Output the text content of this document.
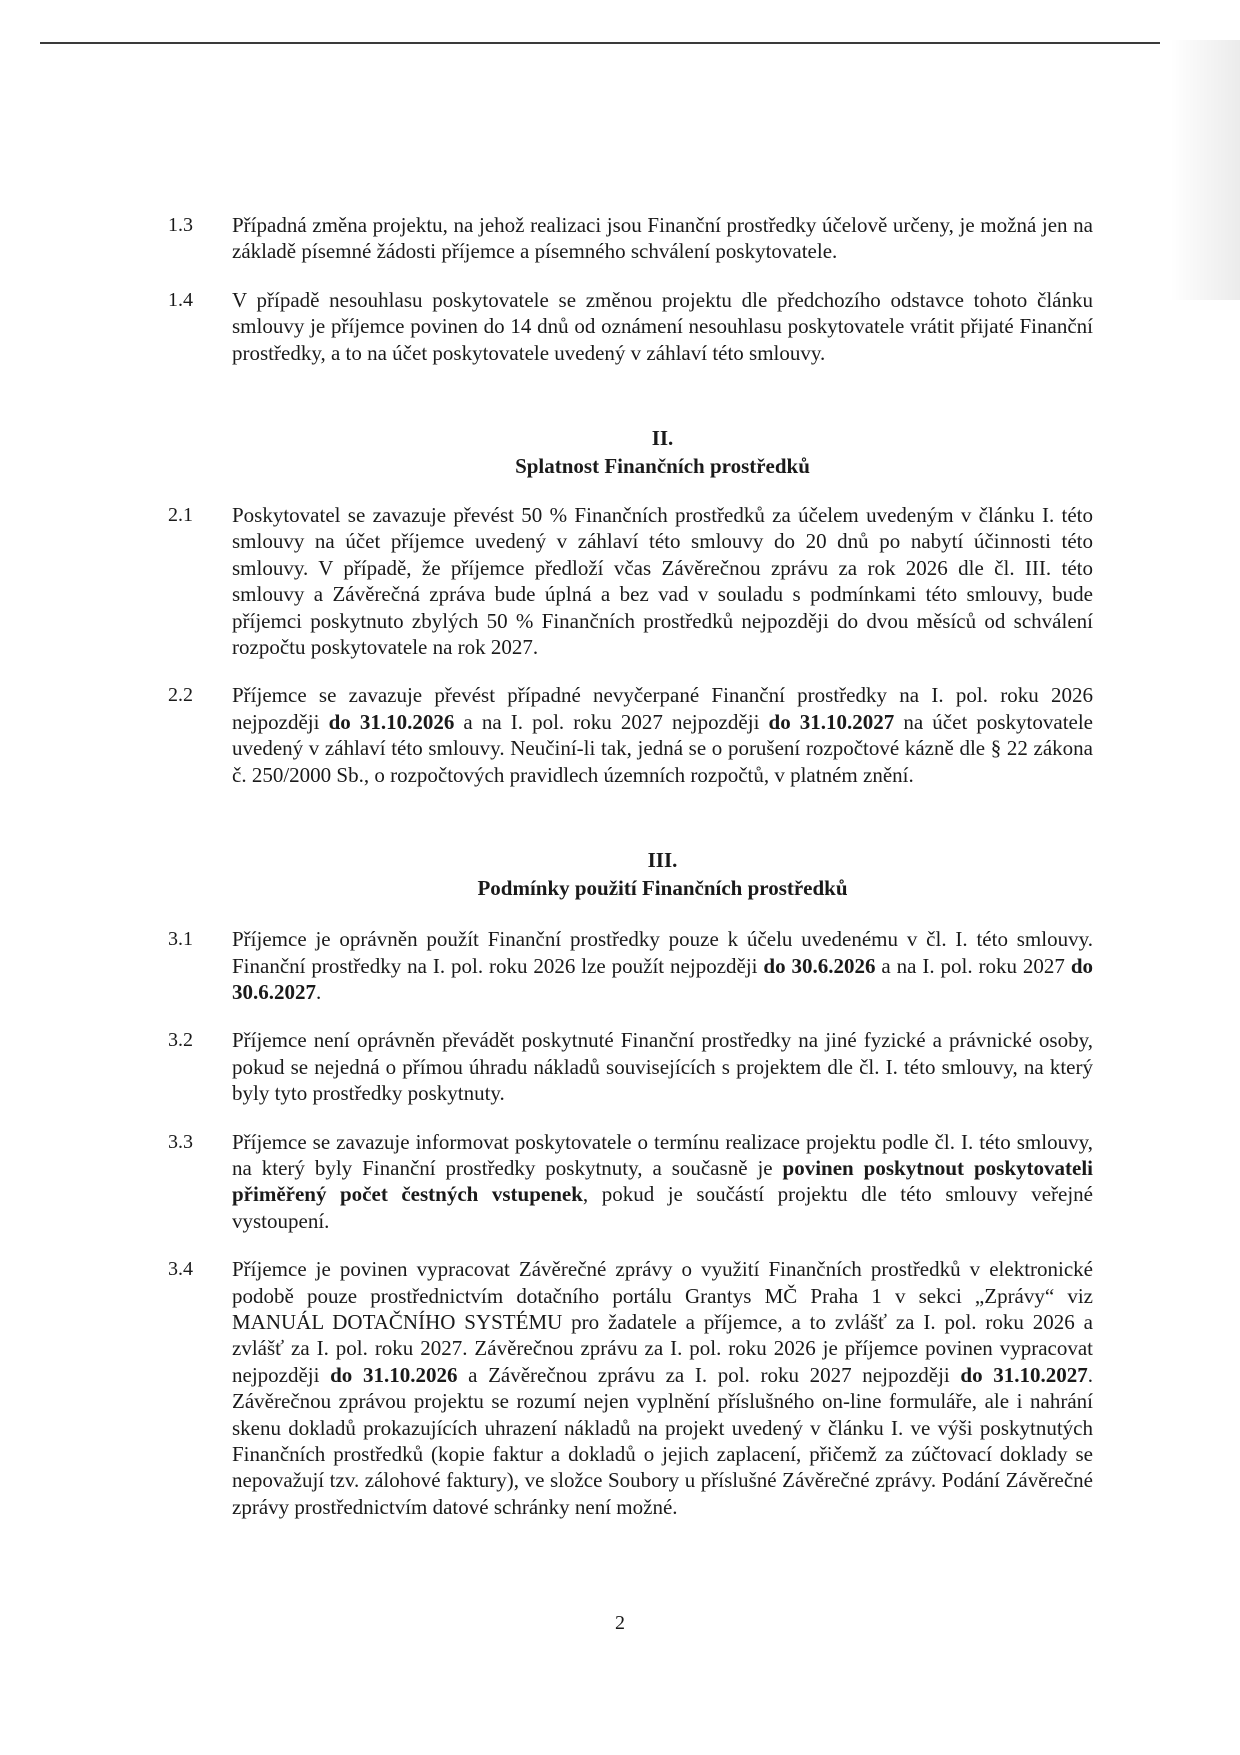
1.3 Případná změna projektu, na jehož realizaci jsou Finanční prostředky účelově určeny, je možná jen na základě písemné žádosti příjemce a písemného schválení poskytovatele.
1.4 V případě nesouhlasu poskytovatele se změnou projektu dle předchozího odstavce tohoto článku smlouvy je příjemce povinen do 14 dnů od oznámení nesouhlasu poskytovatele vrátit přijaté Finanční prostředky, a to na účet poskytovatele uvedený v záhlaví této smlouvy.
II.
Splatnost Finančních prostředků
2.1 Poskytovatel se zavazuje převést 50 % Finančních prostředků za účelem uvedeným v článku I. této smlouvy na účet příjemce uvedený v záhlaví této smlouvy do 20 dnů po nabytí účinnosti této smlouvy. V případě, že příjemce předloží včas Závěrečnou zprávu za rok 2026 dle čl. III. této smlouvy a Závěrečná zpráva bude úplná a bez vad v souladu s podmínkami této smlouvy, bude příjemci poskytnuto zbylých 50 % Finančních prostředků nejpozději do dvou měsíců od schválení rozpočtu poskytovatele na rok 2027.
2.2 Příjemce se zavazuje převést případné nevyčerpané Finanční prostředky na I. pol. roku 2026 nejpozději do 31.10.2026 a na I. pol. roku 2027 nejpozději do 31.10.2027 na účet poskytovatele uvedený v záhlaví této smlouvy. Neučiní-li tak, jedná se o porušení rozpočtové kázně dle § 22 zákona č. 250/2000 Sb., o rozpočtových pravidlech územních rozpočtů, v platném znění.
III.
Podmínky použití Finančních prostředků
3.1 Příjemce je oprávněn použít Finanční prostředky pouze k účelu uvedenému v čl. I. této smlouvy. Finanční prostředky na I. pol. roku 2026 lze použít nejpozději do 30.6.2026 a na I. pol. roku 2027 do 30.6.2027.
3.2 Příjemce není oprávněn převádět poskytnuté Finanční prostředky na jiné fyzické a právnické osoby, pokud se nejedná o přímou úhradu nákladů souvisejících s projektem dle čl. I. této smlouvy, na který byly tyto prostředky poskytnuty.
3.3 Příjemce se zavazuje informovat poskytovatele o termínu realizace projektu podle čl. I. této smlouvy, na který byly Finanční prostředky poskytnuty, a současně je povinen poskytnout poskytovateli přiměřený počet čestných vstupenek, pokud je součástí projektu dle této smlouvy veřejné vystoupení.
3.4 Příjemce je povinen vypracovat Závěrečné zprávy o využití Finančních prostředků v elektronické podobě pouze prostřednictvím dotačního portálu Grantys MČ Praha 1 v sekci „Zprávy“ viz MANUÁL DOTAČNÍHO SYSTÉMU pro žadatele a příjemce, a to zvlášť za I. pol. roku 2026 a zvlášť za I. pol. roku 2027. Závěrečnou zprávu za I. pol. roku 2026 je příjemce povinen vypracovat nejpozději do 31.10.2026 a Závěrečnou zprávu za I. pol. roku 2027 nejpozději do 31.10.2027. Závěrečnou zprávou projektu se rozumí nejen vyplnění příslušného on-line formuláře, ale i nahrání skenu dokladů prokazujících uhrazení nákladů na projekt uvedený v článku I. ve výši poskytnutých Finančních prostředků (kopie faktur a dokladů o jejich zaplacení, přičemž za zúčtovací doklady se nepovažují tzv. zálohové faktury), ve složce Soubory u příslušné Závěrečné zprávy. Podání Závěrečné zprávy prostřednictvím datové schránky není možné.
2
